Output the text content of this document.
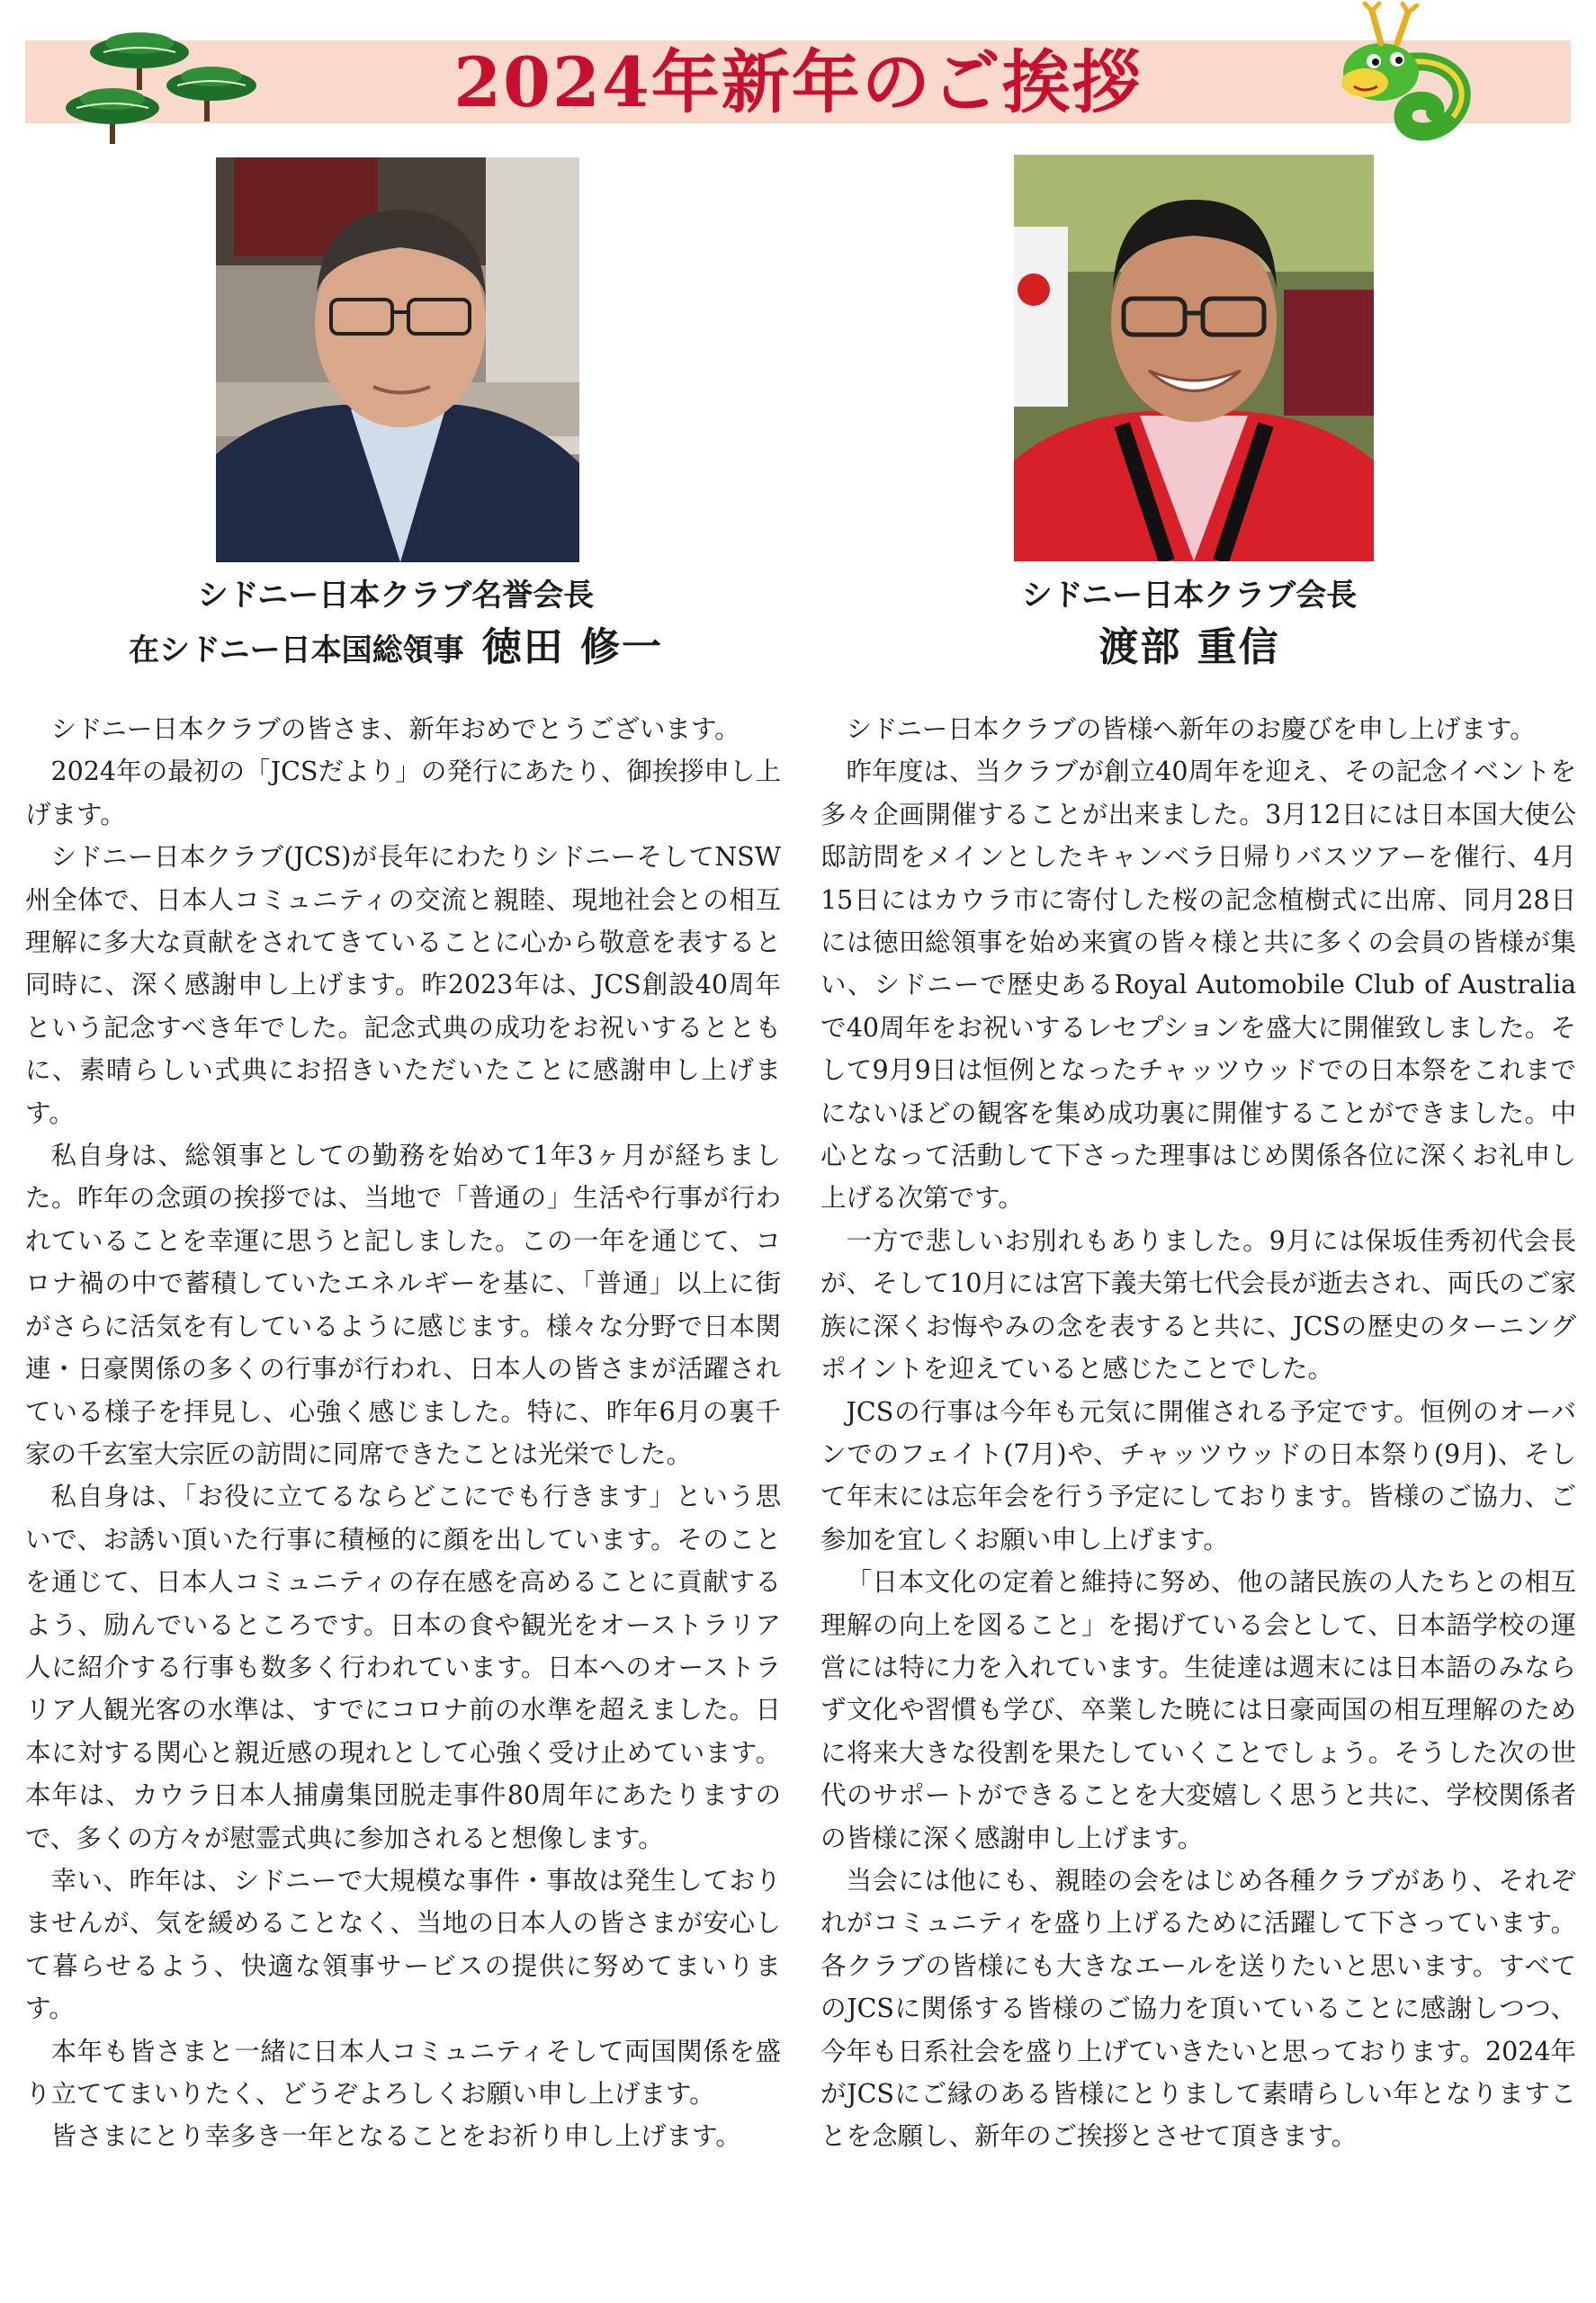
2024年新年のご挨拶
シドニー日本クラブ名誉会長
在シドニー日本国総領事 徳田 修一
シドニー日本クラブ会長
渡部 重信

シドニー日本クラブの皆さま、新年おめでとうございます。

2024年の最初の「JCSだより」の発行にあたり、御挨拶申し上げます。

シドニー日本クラブ(JCS)が長年にわたりシドニーそしてNSW州全体で、日本人コミュニティの交流と親睦、現地社会との相互理解に多大な貢献をされてきていることに心から敬意を表すると同時に、深く感謝申し上げます。昨2023年は、JCS創設40周年という記念すべき年でした。記念式典の成功をお祝いするとともに、素晴らしい式典にお招きいただいたことに感謝申し上げます。

私自身は、総領事としての勤務を始めて1年3ヶ月が経ちました。昨年の念頭の挨拶では、当地で「普通の」生活や行事が行われていることを幸運に思うと記しました。この一年を通じて、コロナ禍の中で蓄積していたエネルギーを基に、「普通」以上に街がさらに活気を有しているように感じます。様々な分野で日本関連・日豪関係の多くの行事が行われ、日本人の皆さまが活躍されている様子を拝見し、心強く感じました。特に、昨年6月の裏千家の千玄室大宗匠の訪問に同席できたことは光栄でした。

私自身は、「お役に立てるならどこにでも行きます」という思いで、お誘い頂いた行事に積極的に顔を出しています。そのことを通じて、日本人コミュニティの存在感を高めることに貢献するよう、励んでいるところです。日本の食や観光をオーストラリア人に紹介する行事も数多く行われています。日本へのオーストラリア人観光客の水準は、すでにコロナ前の水準を超えました。日本に対する関心と親近感の現れとして心強く受け止めています。本年は、カウラ日本人捕虜集団脱走事件80周年にあたりますので、多くの方々が慰霊式典に参加されると想像します。

幸い、昨年は、シドニーで大規模な事件・事故は発生しておりませんが、気を緩めることなく、当地の日本人の皆さまが安心して暮らせるよう、快適な領事サービスの提供に努めてまいります。

本年も皆さまと一緒に日本人コミュニティそして両国関係を盛り立ててまいりたく、どうぞよろしくお願い申し上げます。

皆さまにとり幸多き一年となることをお祈り申し上げます。

シドニー日本クラブの皆様へ新年のお慶びを申し上げます。

昨年度は、当クラブが創立40周年を迎え、その記念イベントを多々企画開催することが出来ました。3月12日には日本国大使公邸訪問をメインとしたキャンベラ日帰りバスツアーを催行、4月15日にはカウラ市に寄付した桜の記念植樹式に出席、同月28日には徳田総領事を始め来賓の皆々様と共に多くの会員の皆様が集い、シドニーで歴史あるRoyal Automobile Club of Australiaで40周年をお祝いするレセプションを盛大に開催致しました。そして9月9日は恒例となったチャッツウッドでの日本祭をこれまでにないほどの観客を集め成功裏に開催することができました。中心となって活動して下さった理事はじめ関係各位に深くお礼申し上げる次第です。

一方で悲しいお別れもありました。9月には保坂佳秀初代会長が、そして10月には宮下義夫第七代会長が逝去され、両氏のご家族に深くお悔やみの念を表すると共に、JCSの歴史のターニングポイントを迎えていると感じたことでした。

JCSの行事は今年も元気に開催される予定です。恒例のオーバンでのフェイト(7月)や、チャッツウッドの日本祭り(9月)、そして年末には忘年会を行う予定にしております。皆様のご協力、ご参加を宜しくお願い申し上げます。

「日本文化の定着と維持に努め、他の諸民族の人たちとの相互理解の向上を図ること」を掲げている会として、日本語学校の運営には特に力を入れています。生徒達は週末には日本語のみならず文化や習慣も学び、卒業した暁には日豪両国の相互理解のために将来大きな役割を果たしていくことでしょう。そうした次の世代のサポートができることを大変嬉しく思うと共に、学校関係者の皆様に深く感謝申し上げます。

当会には他にも、親睦の会をはじめ各種クラブがあり、それぞれがコミュニティを盛り上げるために活躍して下さっています。各クラブの皆様にも大きなエールを送りたいと思います。すべてのJCSに関係する皆様のご協力を頂いていることに感謝しつつ、今年も日系社会を盛り上げていきたいと思っております。2024年がJCSにご縁のある皆様にとりまして素晴らしい年となりますことを念願し、新年のご挨拶とさせて頂きます。
